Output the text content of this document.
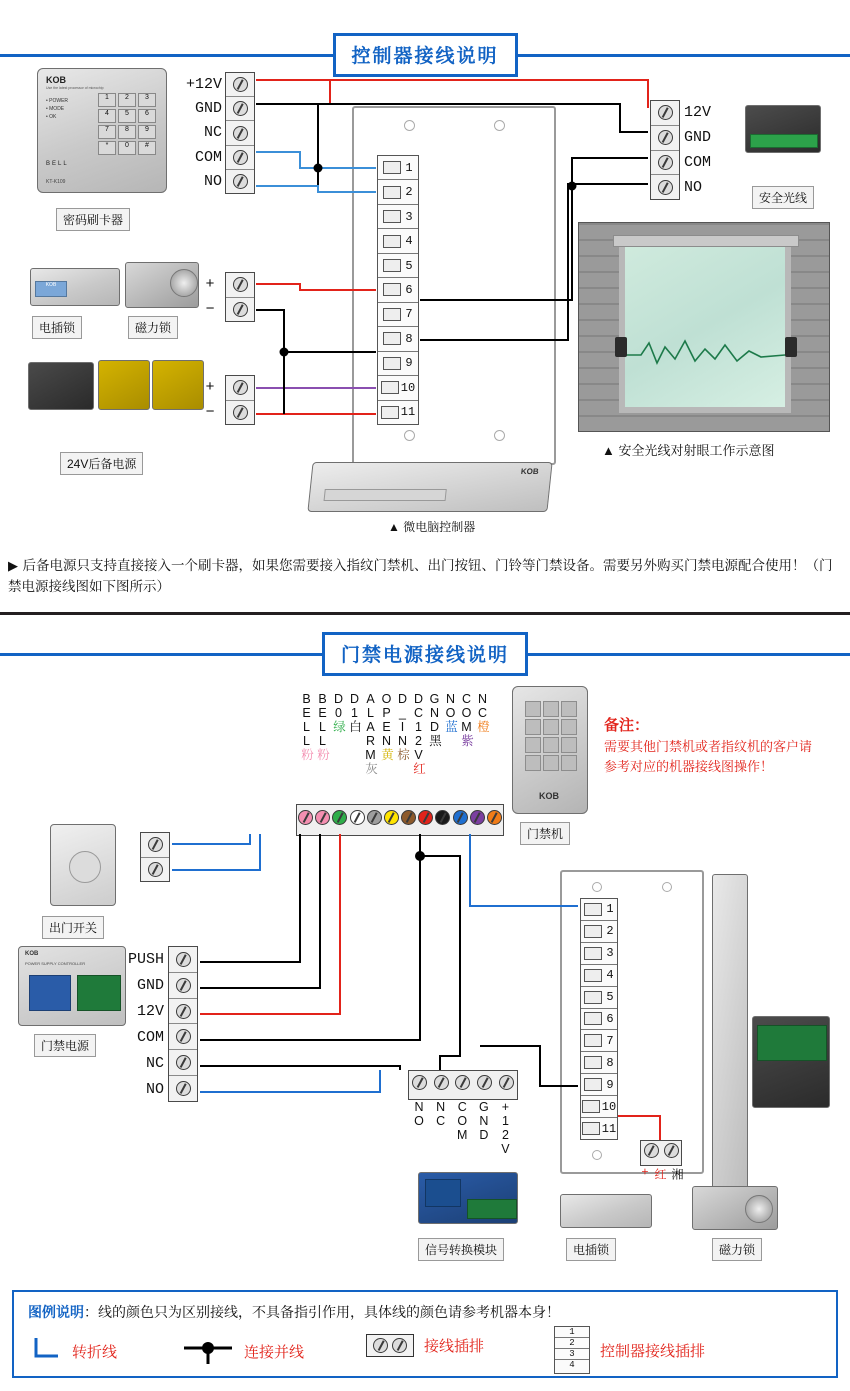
控制器接线说明
KOB
Use the latest processor of microchip
• POWER
• MODE
• OK
1	2	3
4	5	6
7	8	9
*	0	#
BELL
KT-K109
密码刷卡器
+12V
GND
NC
COM
NO
KOB
电插锁	磁力锁
+
−
24V后备电源
+
−
1
2
3
4
5
6
7
8
9
10
11
KOB
▲ 微电脑控制器
12V
GND
COM
NO
安全光线
▲ 安全光线对射眼工作示意图
▶ 后备电源只支持直接接入一个刷卡器，如果您需要接入指纹门禁机、出门按钮、门铃等门禁设备。需要另外购买门禁电源配合使用！（门禁电源接线图如下图所示）
门禁电源接线说明
BELL
粉
BELL
粉
D0
绿
D1
白 ALARM
灰
OPEN
黄
D_IN
棕 DC12V
红
GND
黑
NO
蓝 COM
紫
NC
橙
KOB
门禁机
备注：
需要其他门禁机或者指纹机的客户请参考对应的机器接线图操作！
出门开关
KOB
POWER SUPPLY CONTROLLER
门禁电源
PUSH
GND
12V
COM
NC
NO
NO NC COM GND +12V
信号转换模块
1
2
3
4
5
6
7
8
9
10
11
+ 红 湘
电插锁	磁力锁
图例说明：线的颜色只为区别接线，不具备指引作用，具体线的颜色请参考机器本身！
转折线	连接并线	接线插排
1
2
3
4
控制器接线插排
